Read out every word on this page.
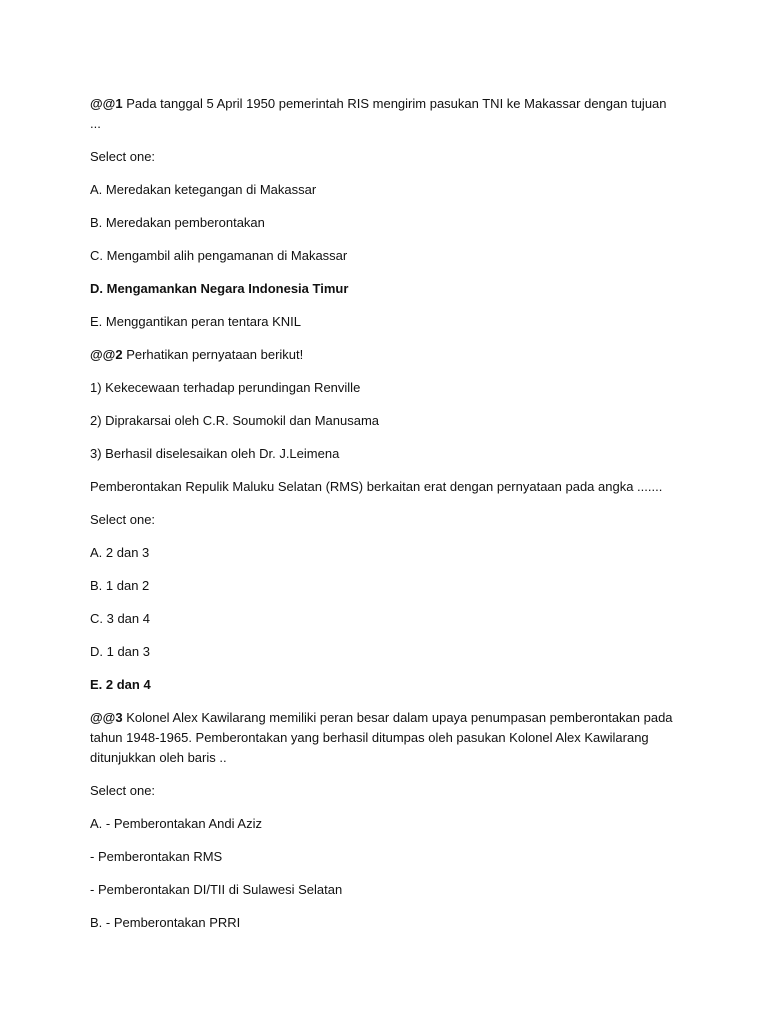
@@1 Pada tanggal 5 April 1950 pemerintah RIS mengirim pasukan TNI ke Makassar dengan tujuan ...

Select one:

A. Meredakan ketegangan di Makassar

B. Meredakan pemberontakan

C. Mengambil alih pengamanan di Makassar

D. Mengamankan Negara Indonesia Timur

E. Menggantikan peran tentara KNIL

@@2 Perhatikan pernyataan berikut!

1) Kekecewaan terhadap perundingan Renville

2) Diprakarsai oleh C.R. Soumokil dan Manusama

3) Berhasil diselesaikan oleh Dr. J.Leimena

Pemberontakan Repulik Maluku Selatan (RMS) berkaitan erat dengan pernyataan pada angka .......

Select one:

A. 2 dan 3

B. 1 dan 2

C. 3 dan 4

D. 1 dan 3

E. 2 dan 4

@@3 Kolonel Alex Kawilarang memiliki peran besar dalam upaya penumpasan pemberontakan pada tahun 1948-1965. Pemberontakan yang berhasil ditumpas oleh pasukan Kolonel Alex Kawilarang ditunjukkan oleh baris ..

Select one:

A. - Pemberontakan Andi Aziz

- Pemberontakan RMS

- Pemberontakan DI/TII di Sulawesi Selatan

B. - Pemberontakan PRRI
